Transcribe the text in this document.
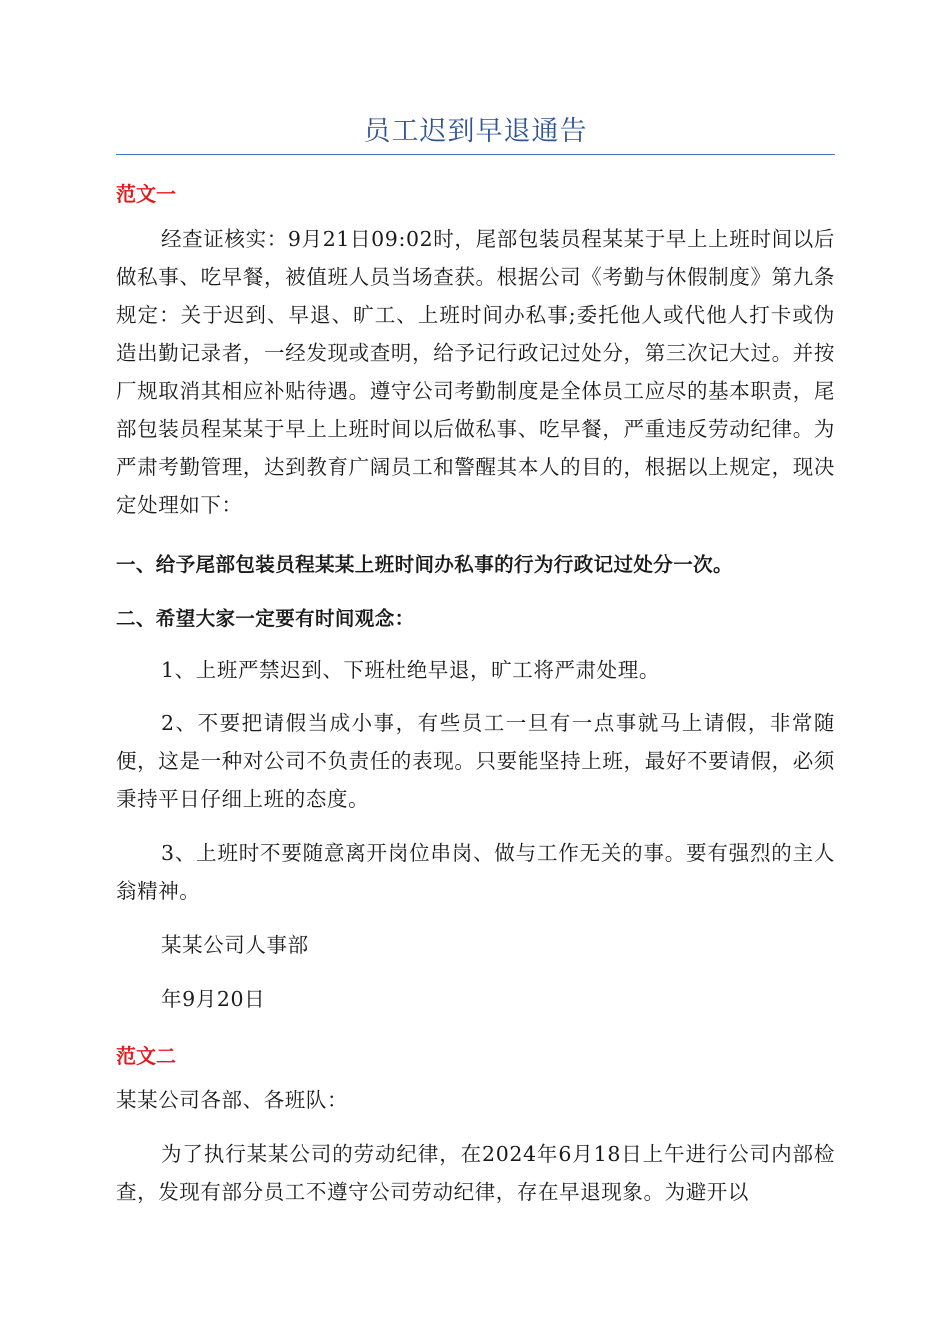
员工迟到早退通告
范文一

经查证核实：9月21日09:02时，尾部包装员程某某于早上上班时间以后做私事、吃早餐，被值班人员当场查获。根据公司《考勤与休假制度》第九条规定：关于迟到、早退、旷工、上班时间办私事;委托他人或代他人打卡或伪造出勤记录者，一经发现或查明，给予记行政记过处分，第三次记大过。并按厂规取消其相应补贴待遇。遵守公司考勤制度是全体员工应尽的基本职责，尾部包装员程某某于早上上班时间以后做私事、吃早餐，严重违反劳动纪律。为严肃考勤管理，达到教育广阔员工和警醒其本人的目的，根据以上规定，现决定处理如下：

一、给予尾部包装员程某某上班时间办私事的行为行政记过处分一次。

二、希望大家一定要有时间观念：

1、上班严禁迟到、下班杜绝早退，旷工将严肃处理。

2、不要把请假当成小事，有些员工一旦有一点事就马上请假，非常随便，这是一种对公司不负责任的表现。只要能坚持上班，最好不要请假，必须秉持平日仔细上班的态度。

3、上班时不要随意离开岗位串岗、做与工作无关的事。要有强烈的主人翁精神。

某某公司人事部

年9月20日

范文二

某某公司各部、各班队：

为了执行某某公司的劳动纪律，在2024年6月18日上午进行公司内部检查，发现有部分员工不遵守公司劳动纪律，存在早退现象。为避开以
